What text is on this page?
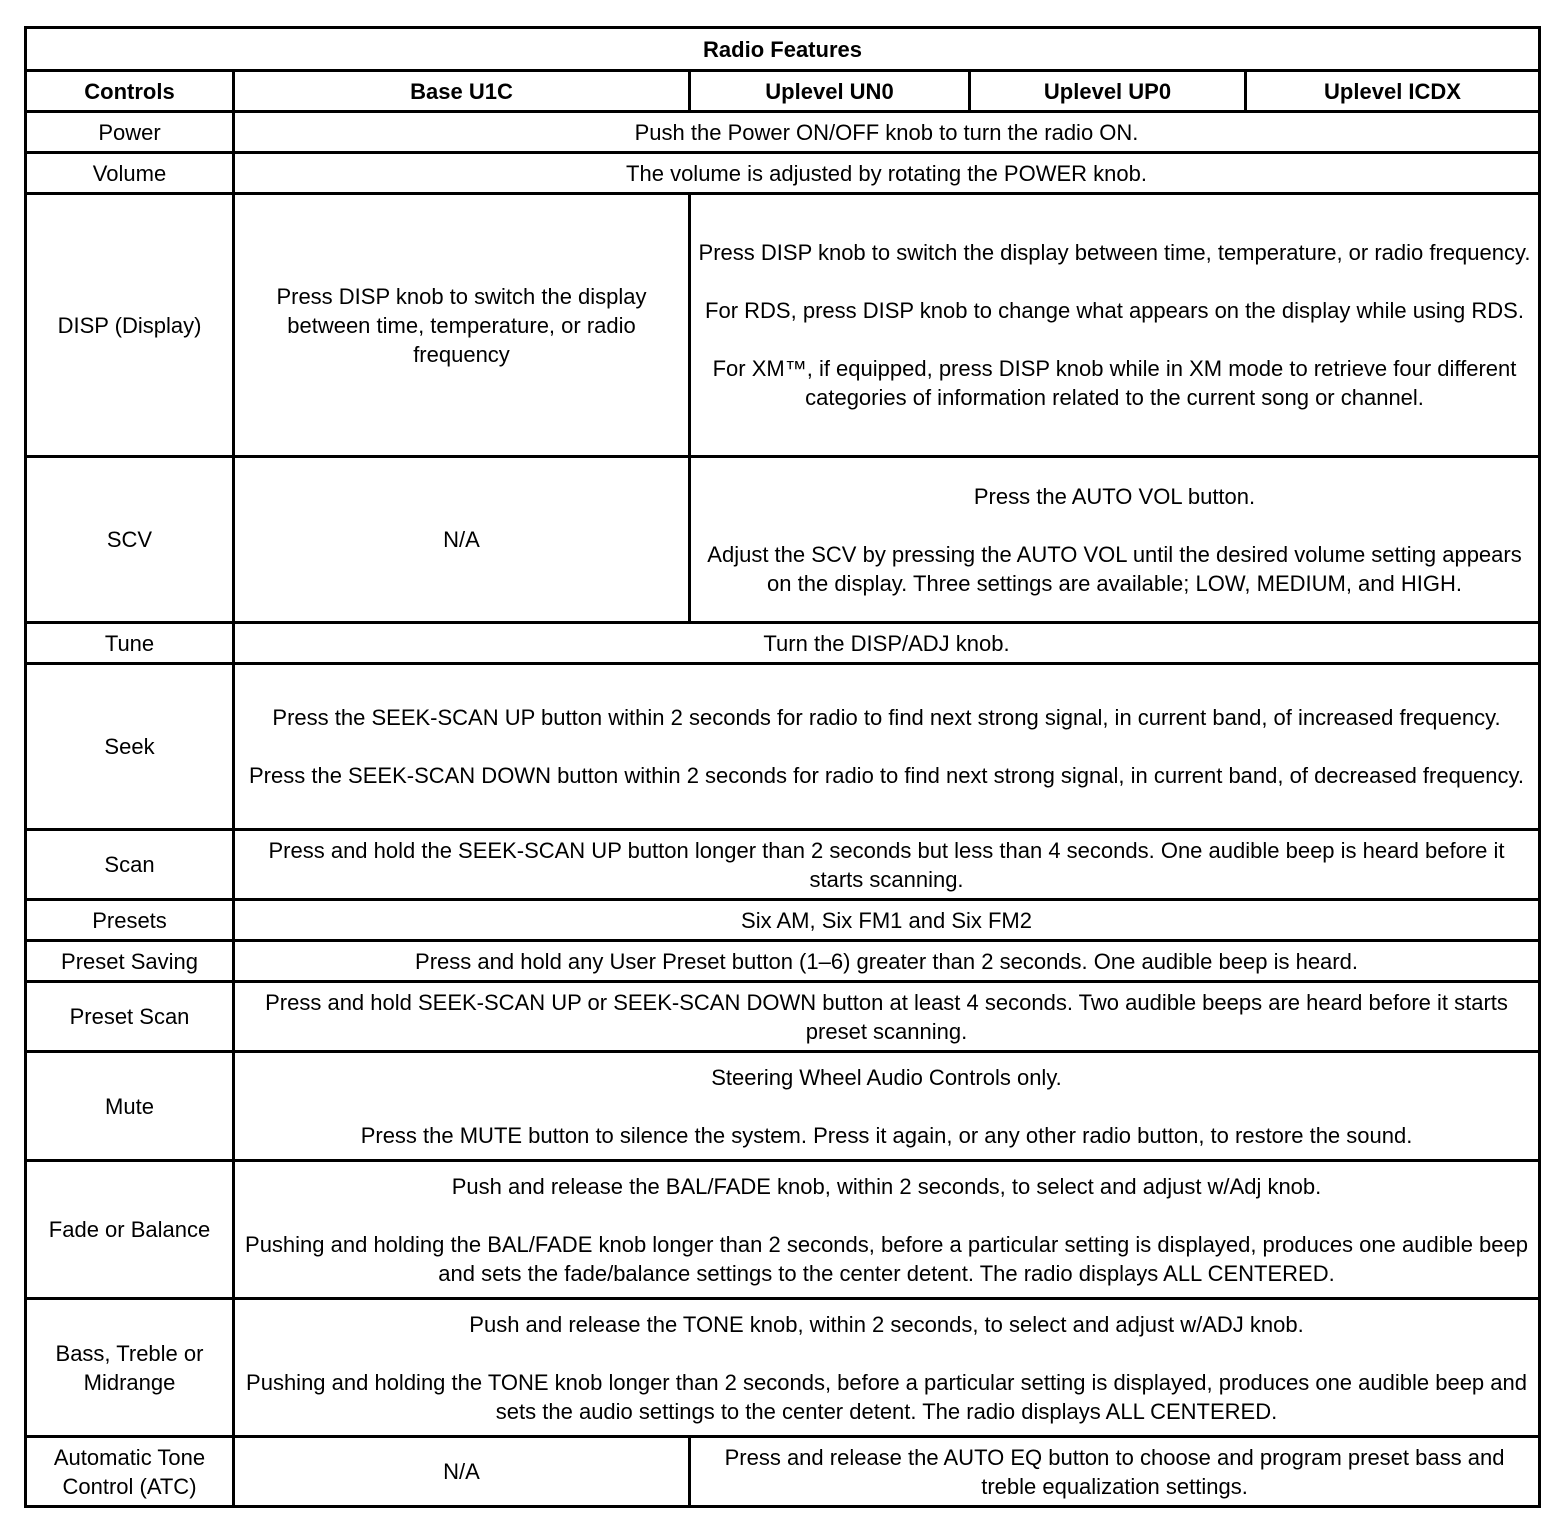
Radio Features				
Controls	Base U1C	Uplevel UN0	Uplevel UP0	Uplevel ICDX
Power	Push the Power ON/OFF knob to turn the radio ON.			
Volume	The volume is adjusted by rotating the POWER knob.			
DISP (Display)	Press DISP knob to switch the display between time, temperature, or radio frequency	Press DISP knob to switch the display between time, temperature, or radio frequency.

For RDS, press DISP knob to change what appears on the display while using RDS.

For XM™, if equipped, press DISP knob while in XM mode to retrieve four different categories of information related to the current song or channel.		
SCV	N/A	Press the AUTO VOL button.

Adjust the SCV by pressing the AUTO VOL until the desired volume setting appears on the display. Three settings are available; LOW, MEDIUM, and HIGH.		
Tune	Turn the DISP/ADJ knob.			
Seek	Press the SEEK-SCAN UP button within 2 seconds for radio to find next strong signal, in current band, of increased frequency.

Press the SEEK-SCAN DOWN button within 2 seconds for radio to find next strong signal, in current band, of decreased frequency.			
Scan	Press and hold the SEEK-SCAN UP button longer than 2 seconds but less than 4 seconds. One audible beep is heard before it starts scanning.			
Presets	Six AM, Six FM1 and Six FM2			
Preset Saving	Press and hold any User Preset button (1–6) greater than 2 seconds. One audible beep is heard.			
Preset Scan	Press and hold SEEK-SCAN UP or SEEK-SCAN DOWN button at least 4 seconds. Two audible beeps are heard before it starts preset scanning.			
Mute	Steering Wheel Audio Controls only.

Press the MUTE button to silence the system. Press it again, or any other radio button, to restore the sound.			
Fade or Balance	Push and release the BAL/FADE knob, within 2 seconds, to select and adjust w/Adj knob.

Pushing and holding the BAL/FADE knob longer than 2 seconds, before a particular setting is displayed, produces one audible beep and sets the fade/balance settings to the center detent. The radio displays ALL CENTERED.			
Bass, Treble or Midrange	Push and release the TONE knob, within 2 seconds, to select and adjust w/ADJ knob.

Pushing and holding the TONE knob longer than 2 seconds, before a particular setting is displayed, produces one audible beep and sets the audio settings to the center detent. The radio displays ALL CENTERED.			
Automatic Tone Control (ATC)	N/A	Press and release the AUTO EQ button to choose and program preset bass and treble equalization settings.		
